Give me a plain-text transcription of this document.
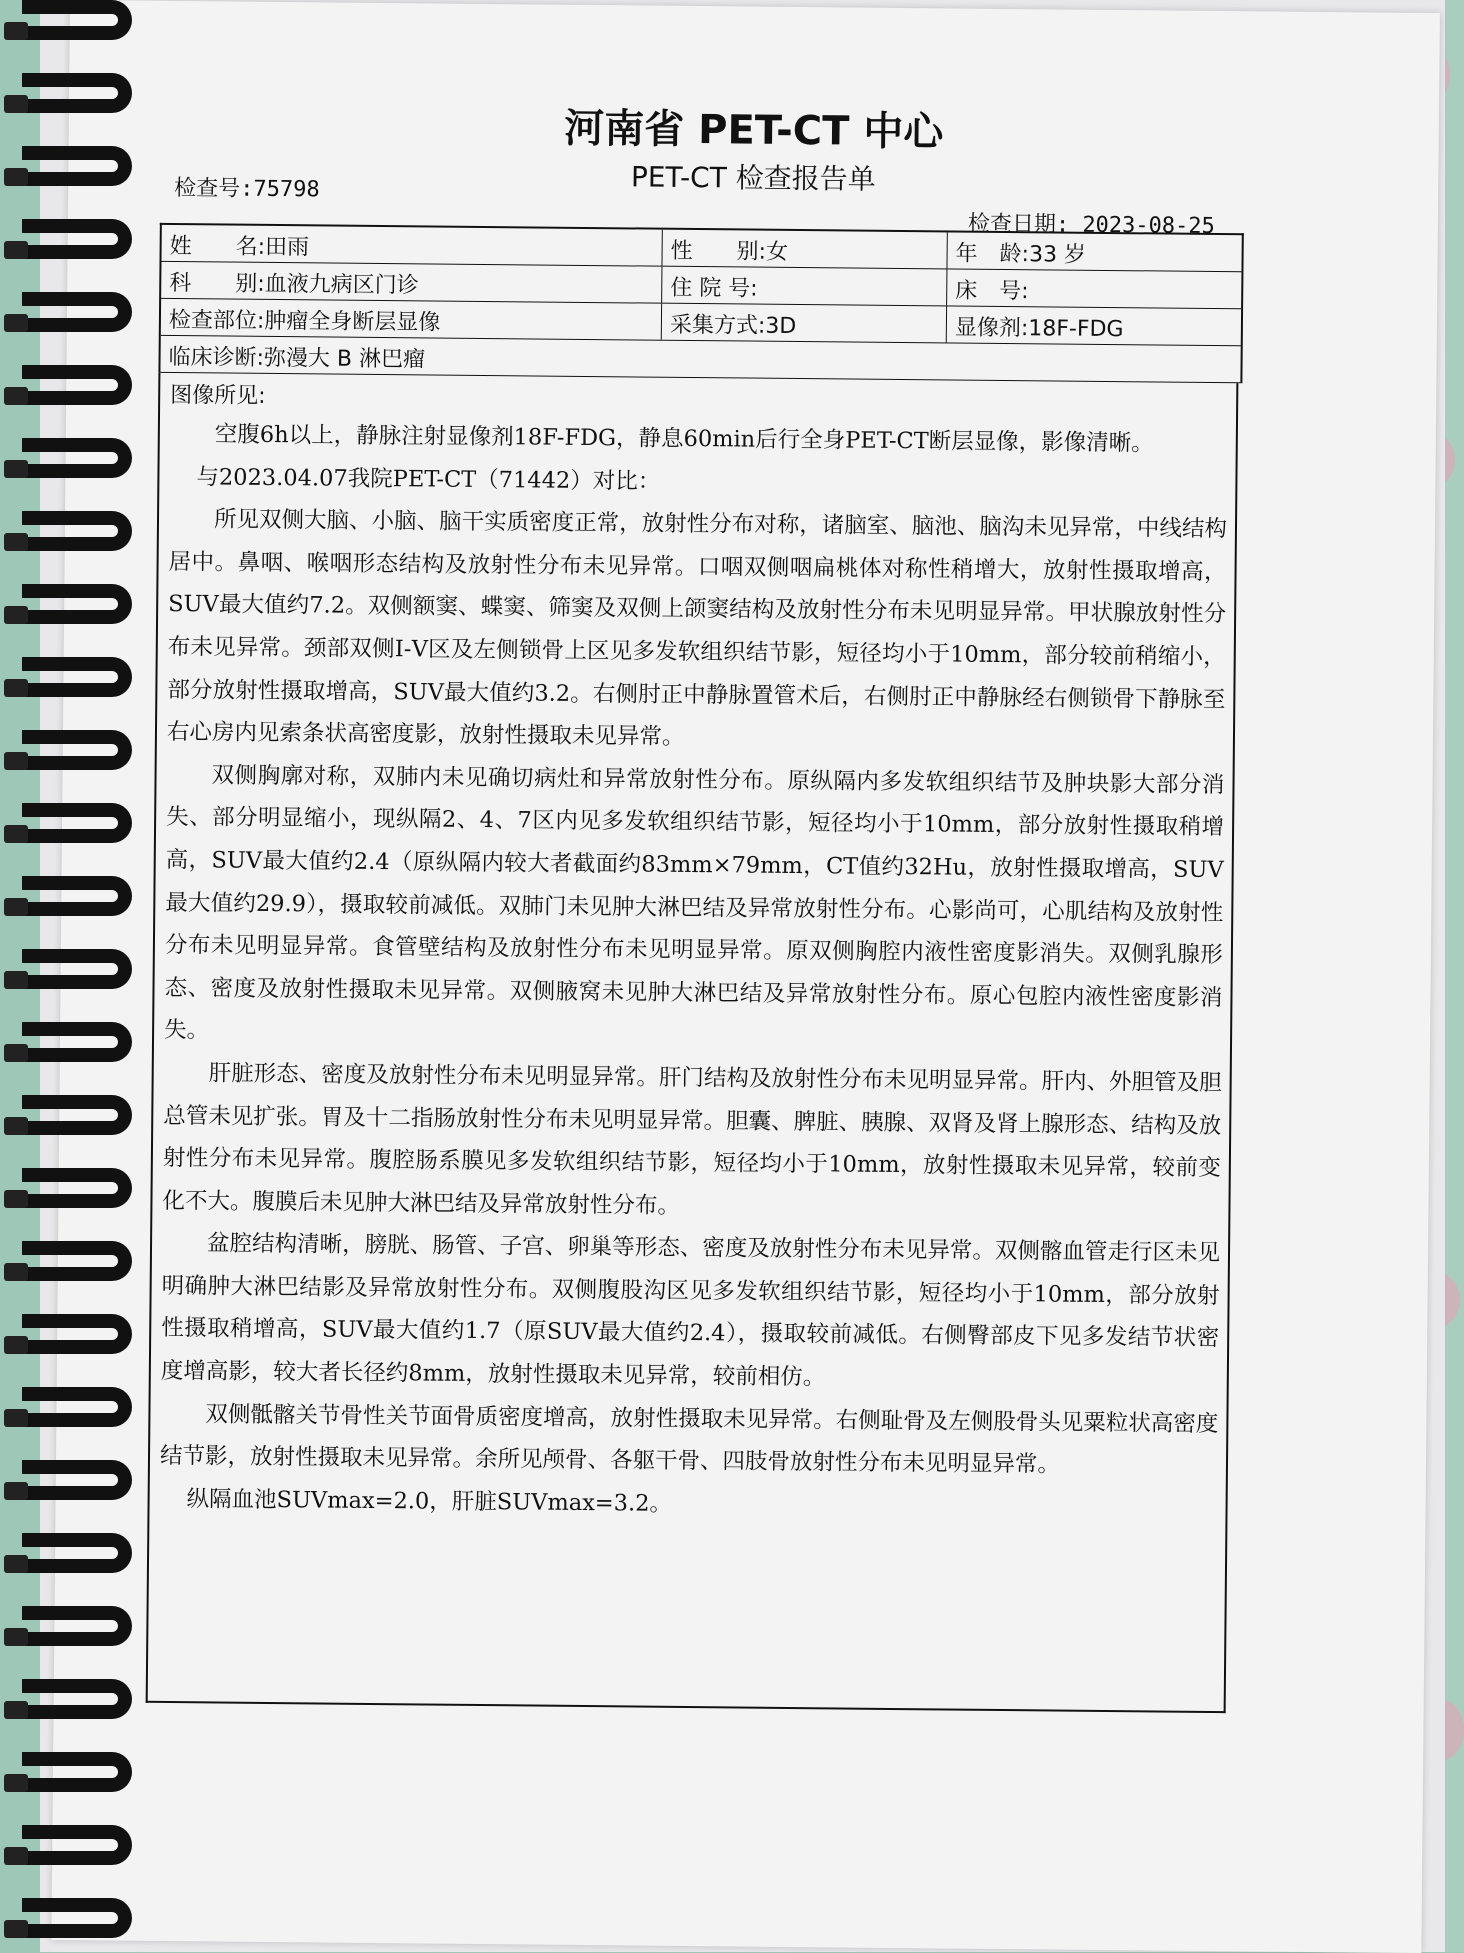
河南省 PET-CT 中心
PET-CT 检查报告单
检查号:75798
检查日期: 2023-08-25
姓　　名:田雨	性　　别:女	年　龄:33 岁
科　　别:血液九病区门诊	住 院 号:	床　号:
检查部位:肿瘤全身断层显像	采集方式:3D	显像剂:18F-FDG
临床诊断:弥漫大 B 淋巴瘤
图像所见:

空腹6h以上，静脉注射显像剂18F-FDG，静息60min后行全身PET-CT断层显像，影像清晰。

与2023.04.07我院PET-CT（71442）对比：

所见双侧大脑、小脑、脑干实质密度正常，放射性分布对称，诸脑室、脑池、脑沟未见异常，中线结构居中。鼻咽、喉咽形态结构及放射性分布未见异常。口咽双侧咽扁桃体对称性稍增大，放射性摄取增高，SUV最大值约7.2。双侧额窦、蝶窦、筛窦及双侧上颌窦结构及放射性分布未见明显异常。甲状腺放射性分布未见异常。颈部双侧Ⅰ-Ⅴ区及左侧锁骨上区见多发软组织结节影，短径均小于10mm，部分较前稍缩小，部分放射性摄取增高，SUV最大值约3.2。右侧肘正中静脉置管术后，右侧肘正中静脉经右侧锁骨下静脉至右心房内见索条状高密度影，放射性摄取未见异常。

双侧胸廓对称，双肺内未见确切病灶和异常放射性分布。原纵隔内多发软组织结节及肿块影大部分消失、部分明显缩小，现纵隔2、4、7区内见多发软组织结节影，短径均小于10mm，部分放射性摄取稍增高，SUV最大值约2.4（原纵隔内较大者截面约83mm×79mm，CT值约32Hu，放射性摄取增高，SUV最大值约29.9），摄取较前减低。双肺门未见肿大淋巴结及异常放射性分布。心影尚可，心肌结构及放射性分布未见明显异常。食管壁结构及放射性分布未见明显异常。原双侧胸腔内液性密度影消失。双侧乳腺形态、密度及放射性摄取未见异常。双侧腋窝未见肿大淋巴结及异常放射性分布。原心包腔内液性密度影消失。

肝脏形态、密度及放射性分布未见明显异常。肝门结构及放射性分布未见明显异常。肝内、外胆管及胆总管未见扩张。胃及十二指肠放射性分布未见明显异常。胆囊、脾脏、胰腺、双肾及肾上腺形态、结构及放射性分布未见异常。腹腔肠系膜见多发软组织结节影，短径均小于10mm，放射性摄取未见异常，较前变化不大。腹膜后未见肿大淋巴结及异常放射性分布。

盆腔结构清晰，膀胱、肠管、子宫、卵巢等形态、密度及放射性分布未见异常。双侧髂血管走行区未见明确肿大淋巴结影及异常放射性分布。双侧腹股沟区见多发软组织结节影，短径均小于10mm，部分放射性摄取稍增高，SUV最大值约1.7（原SUV最大值约2.4），摄取较前减低。右侧臀部皮下见多发结节状密度增高影，较大者长径约8mm，放射性摄取未见异常，较前相仿。

双侧骶髂关节骨性关节面骨质密度增高，放射性摄取未见异常。右侧耻骨及左侧股骨头见粟粒状高密度结节影，放射性摄取未见异常。余所见颅骨、各躯干骨、四肢骨放射性分布未见明显异常。

纵隔血池SUVmax=2.0，肝脏SUVmax=3.2。
